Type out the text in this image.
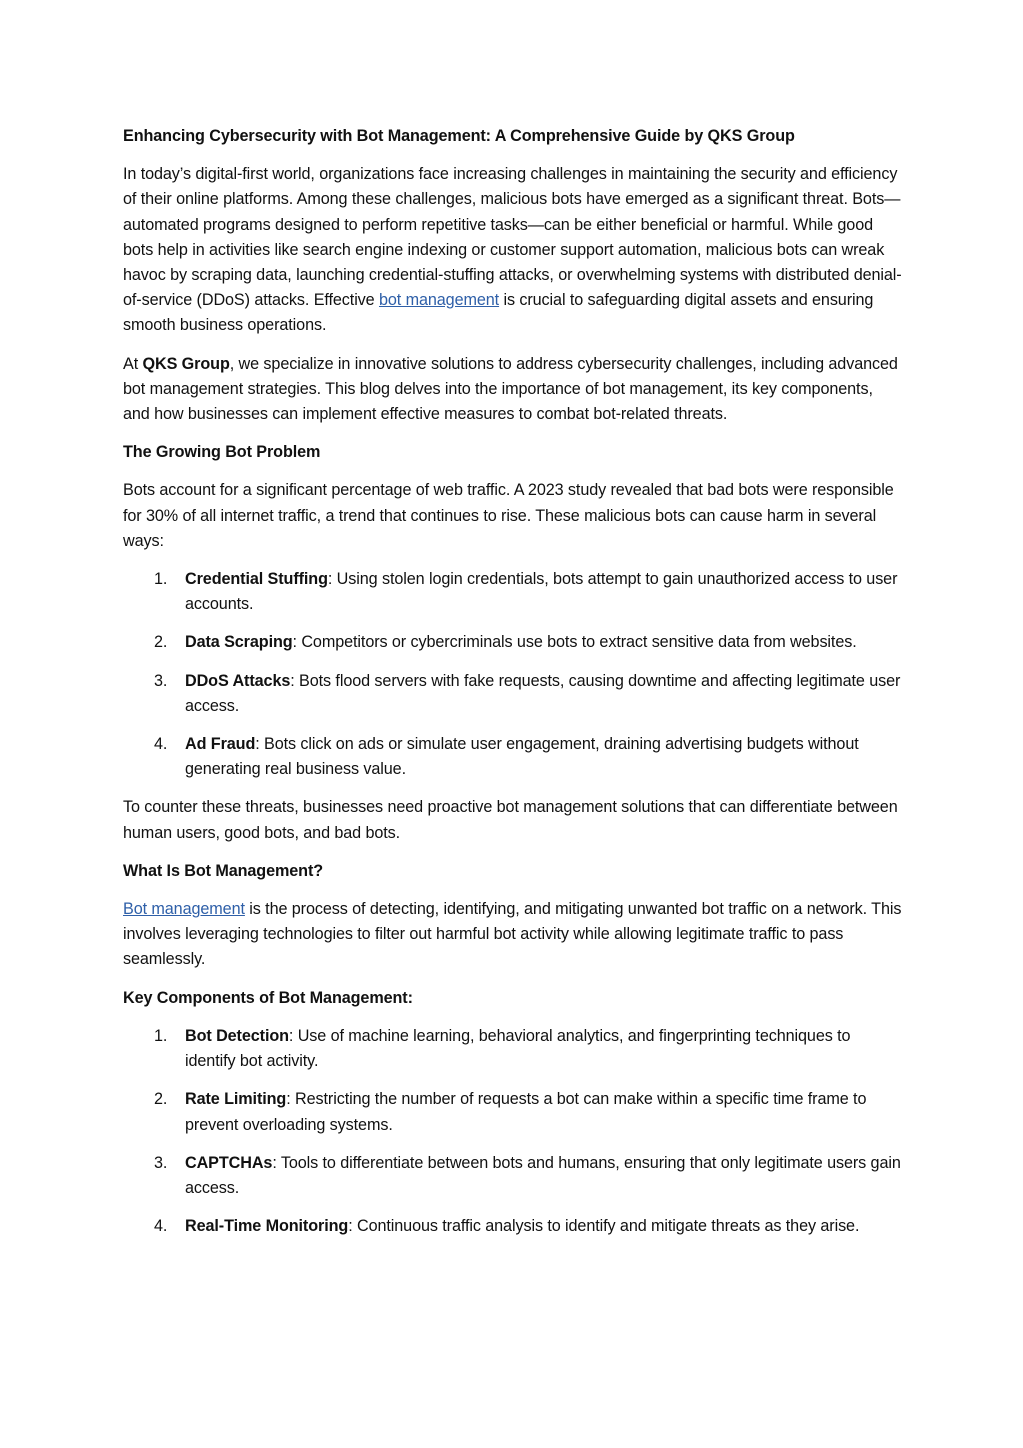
Enhancing Cybersecurity with Bot Management: A Comprehensive Guide by QKS Group

In today’s digital-first world, organizations face increasing challenges in maintaining the security and efficiency of their online platforms. Among these challenges, malicious bots have emerged as a significant threat. Bots—automated programs designed to perform repetitive tasks—can be either beneficial or harmful. While good bots help in activities like search engine indexing or customer support automation, malicious bots can wreak havoc by scraping data, launching credential-stuffing attacks, or overwhelming systems with distributed denial-of-service (DDoS) attacks. Effective bot management is crucial to safeguarding digital assets and ensuring smooth business operations.

At QKS Group, we specialize in innovative solutions to address cybersecurity challenges, including advanced bot management strategies. This blog delves into the importance of bot management, its key components, and how businesses can implement effective measures to combat bot-related threats.

The Growing Bot Problem

Bots account for a significant percentage of web traffic. A 2023 study revealed that bad bots were responsible for 30% of all internet traffic, a trend that continues to rise. These malicious bots can cause harm in several ways:

1. Credential Stuffing: Using stolen login credentials, bots attempt to gain unauthorized access to user accounts.
2. Data Scraping: Competitors or cybercriminals use bots to extract sensitive data from websites.
3. DDoS Attacks: Bots flood servers with fake requests, causing downtime and affecting legitimate user access.
4. Ad Fraud: Bots click on ads or simulate user engagement, draining advertising budgets without generating real business value.

To counter these threats, businesses need proactive bot management solutions that can differentiate between human users, good bots, and bad bots.

What Is Bot Management?

Bot management is the process of detecting, identifying, and mitigating unwanted bot traffic on a network. This involves leveraging technologies to filter out harmful bot activity while allowing legitimate traffic to pass seamlessly.

Key Components of Bot Management:
1. Bot Detection: Use of machine learning, behavioral analytics, and fingerprinting techniques to identify bot activity.
2. Rate Limiting: Restricting the number of requests a bot can make within a specific time frame to prevent overloading systems.
3. CAPTCHAs: Tools to differentiate between bots and humans, ensuring that only legitimate users gain access.
4. Real-Time Monitoring: Continuous traffic analysis to identify and mitigate threats as they arise.
